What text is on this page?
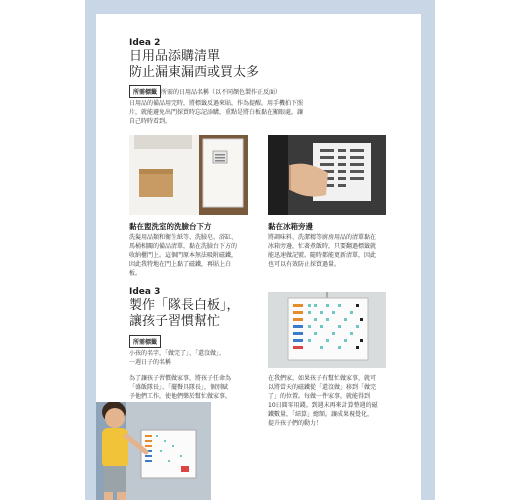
Idea 2
日用品添購清單
防止漏東漏西或買太多
所需標籤 所需的日用品名稱（以不同顏色製作正反面）
日用品的備品用完時，將標籤反過來貼，作為提醒。用手機拍下照
片，就能避免出門採買時忘記添購，重點是將白板黏在顯眼處，讓
自己時時看到。
黏在盥洗室的洗臉台下方
洗髮用品類和衛生紙等、洗臉皂、浴缸、
馬桶相關的備品清單，黏在洗臉台下方的
收納櫃門上。這個門原本無法吸附磁鐵，
因此我特地在門上黏了磁鐵，再貼上白
板。
黏在冰箱旁邊
將調味料、洗潔精等廚房用品的清單黏在
冰箱旁邊，忙著煮飯時，只要翻過標籤就
能迅速做記號。隨時都能更新清單，因此
也可以有效防止採買過量。
Idea 3
製作「隊長白板」，
讓孩子習慣幫忙
所需標籤
小孩的名字，「做完了」、「還沒做」、
一週日子的名稱
為了讓孩子習慣做家事，將孩子任命為
「盛飯隊長」、「擺餐具隊長」，個別賦
予他們工作，使他們樂於幫忙做家事。
在我們家，如果孩子有幫忙做家事，就可
以將當天的磁鐵從「還沒做」移到「做完
了」的位置。每做一件家事，就能得到
10日圓零用錢。到週末再來計算整週的磁
鐵數量，「結算」總額。讓成果視覺化，
提升孩子們的動力！
Chapter 3 掌握整理的訣竅 實踐
